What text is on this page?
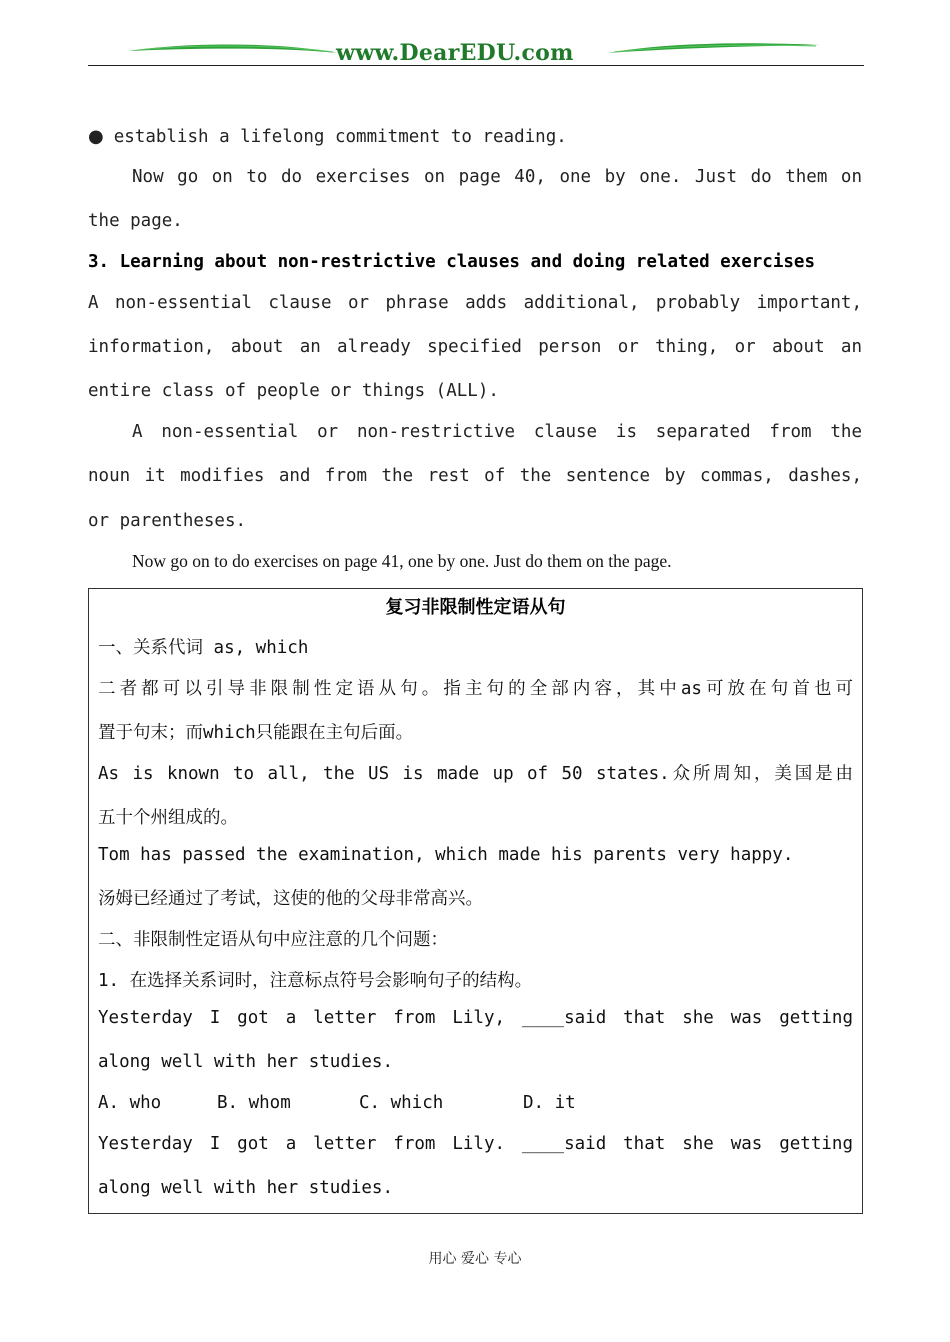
www.DearEDU.com
● establish a lifelong commitment to reading.
Now go on to do exercises on page 40, one by one. Just do them on
the page.
3. Learning about non-restrictive clauses and doing related exercises
A non-essential clause or phrase adds additional, probably important,
information, about an already specified person or thing, or about an
entire class of people or things (ALL).
A non-essential or non-restrictive clause is separated from the
noun it modifies and from the rest of the sentence by commas, dashes,
or parentheses.
Now go on to do exercises on page 41, one by one. Just do them on the page.
复习非限制性定语从句
一、关系代词 as, which
二者都可以引导非限制性定语从句。指主句的全部内容，其中as可放在句首也可
置于句末；而which只能跟在主句后面。
As is known to all, the US is made up of 50 states.众所周知，美国是由
五十个州组成的。
Tom has passed the examination, which made his parents very happy.
汤姆已经通过了考试，这使的他的父母非常高兴。
二、非限制性定语从句中应注意的几个问题：
1. 在选择关系词时，注意标点符号会影响句子的结构。
Yesterday I got a letter from Lily, ____said that she was getting
along well with her studies.
A. who	B. whom	C. which	D. it
Yesterday I got a letter from Lily. ____said that she was getting
along well with her studies.
用心 爱心 专心
